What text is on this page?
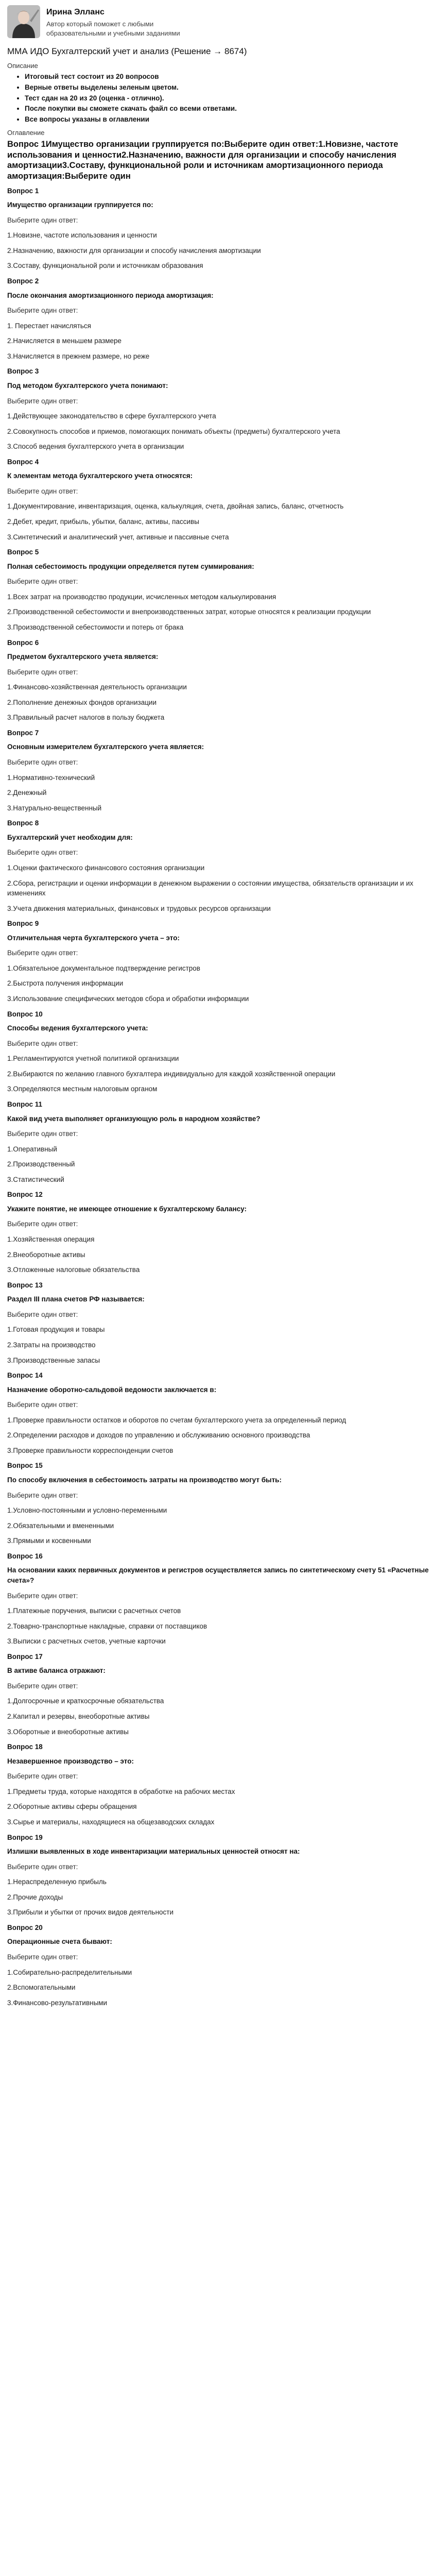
Ирина Элланс
Автор который поможет с любыми образовательными и учебными заданиями
ММА ИДО Бухгалтерский учет и анализ (Решение → 8674)
Описание
• Итоговый тест состоит из 20 вопросов
• Верные ответы выделены зеленым цветом.
• Тест сдан на 20 из 20 (оценка - отлично).
• После покупки вы сможете скачать файл со всеми ответами.
• Все вопросы указаны в оглавлении
Оглавление
Вопрос 1Имущество организации группируется по:Выберите один ответ:1.Новизне, частоте использования и ценности2.Назначению, важности для организации и способу начисления амортизации3.Составу, функциональной роли и источникам амортизационного периода амортизация:Выберите один
Вопрос 1
Имущество организации группируется по:
Выберите один ответ:
1.Новизне, частоте использования и ценности
2.Назначению, важности для организации и способу начисления амортизации
3.Составу, функциональной роли и источникам образования
Вопрос 2
После окончания амортизационного периода амортизация:
Выберите один ответ:
1. Перестает начисляться
2.Начисляется в меньшем размере
3.Начисляется в прежнем размере, но реже
Вопрос 3
Под методом бухгалтерского учета понимают:
Выберите один ответ:
1.Действующее законодательство в сфере бухгалтерского учета
2.Совокупность способов и приемов, помогающих понимать объекты (предметы) бухгалтерского учета
3.Способ ведения бухгалтерского учета в организации
Вопрос 4
К элементам метода бухгалтерского учета относятся:
Выберите один ответ:
1.Документирование, инвентаризация, оценка, калькуляция, счета, двойная запись, баланс, отчетность
2.Дебет, кредит, прибыль, убытки, баланс, активы, пассивы
3.Синтетический и аналитический учет, активные и пассивные счета
Вопрос 5
Полная себестоимость продукции определяется путем суммирования:
Выберите один ответ:
1.Всех затрат на производство продукции, исчисленных методом калькулирования
2.Производственной себестоимости и внепроизводственных затрат, которые относятся к реализации продукции
3.Производственной себестоимости и потерь от брака
Вопрос 6
Предметом бухгалтерского учета является:
Выберите один ответ:
1.Финансово-хозяйственная деятельность организации
2.Пополнение денежных фондов организации
3.Правильный расчет налогов в пользу бюджета
Вопрос 7
Основным измерителем бухгалтерского учета является:
Выберите один ответ:
1.Нормативно-технический
2.Денежный
3.Натурально-вещественный
Вопрос 8
Бухгалтерский учет необходим для:
Выберите один ответ:
1.Оценки фактического финансового состояния организации
2.Сбора, регистрации и оценки информации в денежном выражении о состоянии имущества, обязательств организации и их изменениях
3.Учета движения материальных, финансовых и трудовых ресурсов организации
Вопрос 9
Отличительная черта бухгалтерского учета – это:
Выберите один ответ:
1.Обязательное документальное подтверждение регистров
2.Быстрота получения информации
3.Использование специфических методов сбора и обработки информации
Вопрос 10
Способы ведения бухгалтерского учета:
Выберите один ответ:
1.Регламентируются учетной политикой организации
2.Выбираются по желанию главного бухгалтера индивидуально для каждой хозяйственной операции
3.Определяются местным налоговым органом
Вопрос 11
Какой вид учета выполняет организующую роль в народном хозяйстве?
Выберите один ответ:
1.Оперативный
2.Производственный
3.Статистический
Вопрос 12
Укажите понятие, не имеющее отношение к бухгалтерскому балансу:
Выберите один ответ:
1.Хозяйственная операция
2.Внеоборотные активы
3.Отложенные налоговые обязательства
Вопрос 13
Раздел III плана счетов РФ называется:
Выберите один ответ:
1.Готовая продукция и товары
2.Затраты на производство
3.Производственные запасы
Вопрос 14
Назначение оборотно-сальдовой ведомости заключается в:
Выберите один ответ:
1.Проверке правильности остатков и оборотов по счетам бухгалтерского учета за определенный период
2.Определении расходов и доходов по управлению и обслуживанию основного производства
3.Проверке правильности корреспонденции счетов
Вопрос 15
По способу включения в себестоимость затраты на производство могут быть:
Выберите один ответ:
1.Условно-постоянными и условно-переменными
2.Обязательными и вмененными
3.Прямыми и косвенными
Вопрос 16
На основании каких первичных документов и регистров осуществляется запись по синтетическому счету 51 «Расчетные счета»?
Выберите один ответ:
1.Платежные поручения, выписки с расчетных счетов
2.Товарно-транспортные накладные, справки от поставщиков
3.Выписки с расчетных счетов, учетные карточки
Вопрос 17
В активе баланса отражают:
Выберите один ответ:
1.Долгосрочные и краткосрочные обязательства
2.Капитал и резервы, внеоборотные активы
3.Оборотные и внеоборотные активы
Вопрос 18
Незавершенное производство – это:
Выберите один ответ:
1.Предметы труда, которые находятся в обработке на рабочих местах
2.Оборотные активы сферы обращения
3.Сырье и материалы, находящиеся на общезаводских складах
Вопрос 19
Излишки выявленных в ходе инвентаризации материальных ценностей относят на:
Выберите один ответ:
1.Нераспределенную прибыль
2.Прочие доходы
3.Прибыли и убытки от прочих видов деятельности
Вопрос 20
Операционные счета бывают:
Выберите один ответ:
1.Собирательно-распределительными
2.Вспомогательными
3.Финансово-результативными
